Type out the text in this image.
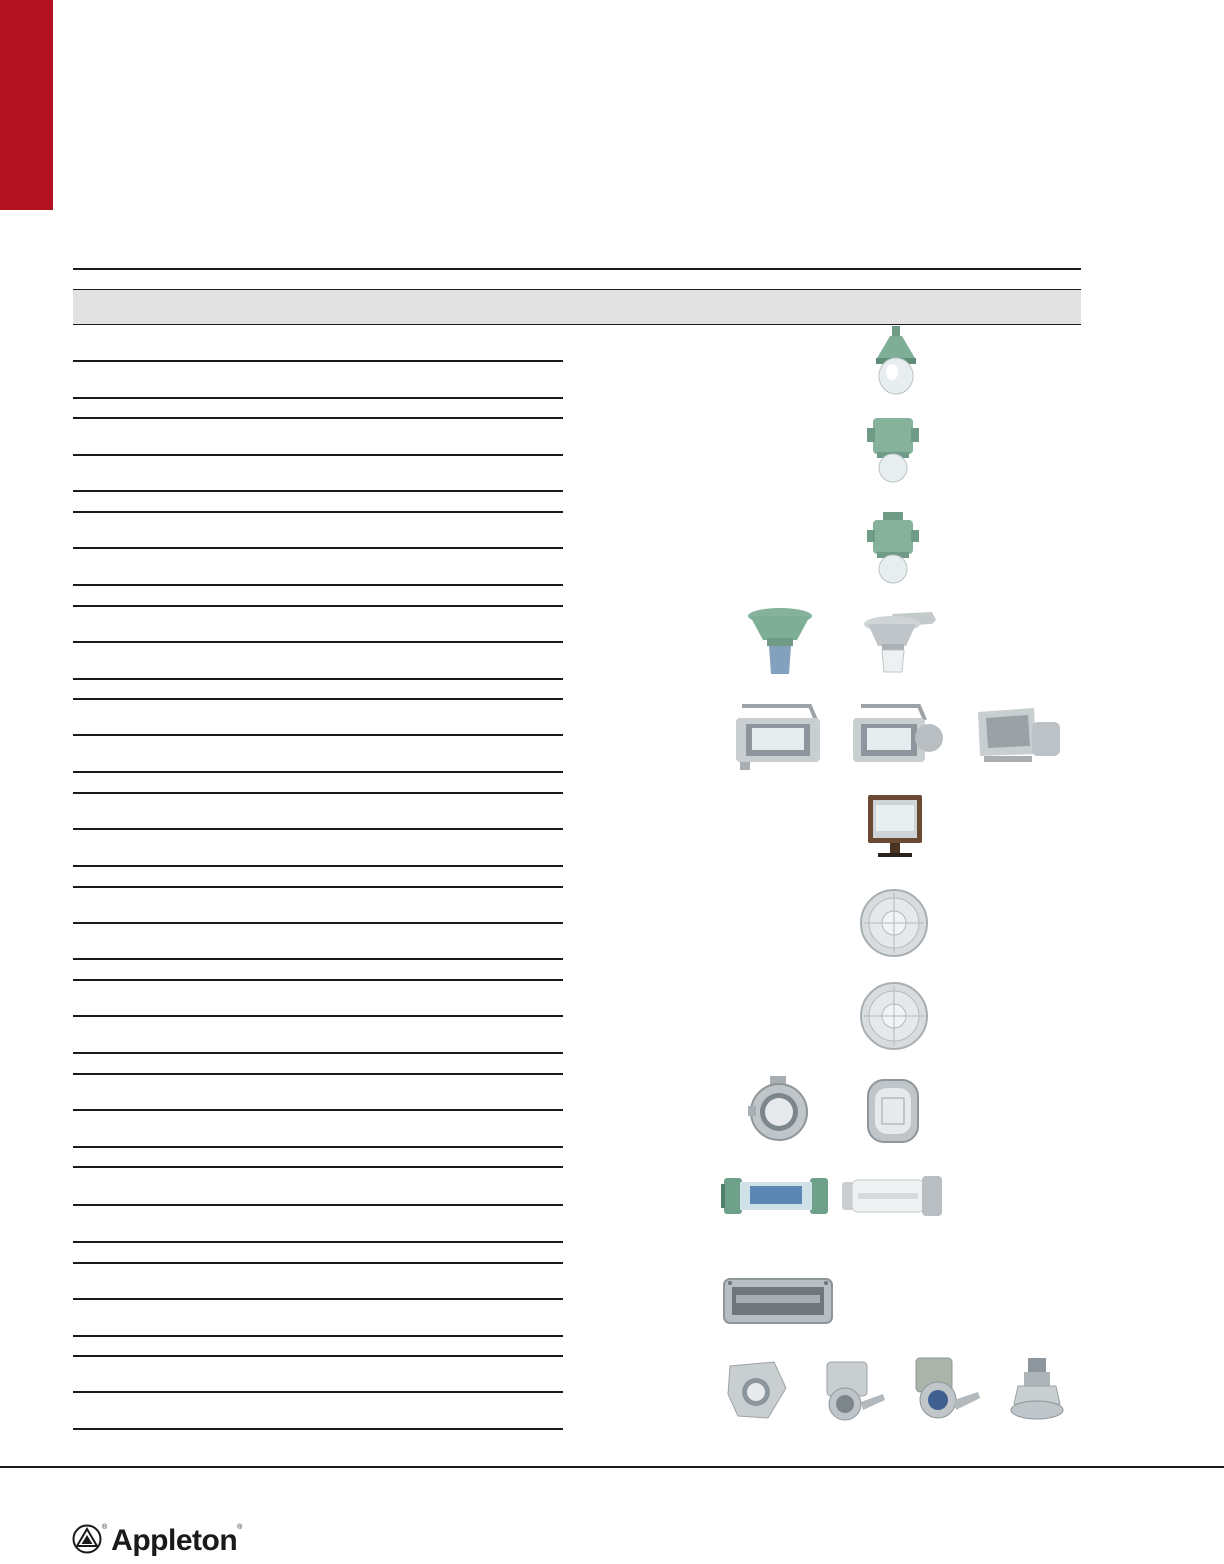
® Appleton ®
